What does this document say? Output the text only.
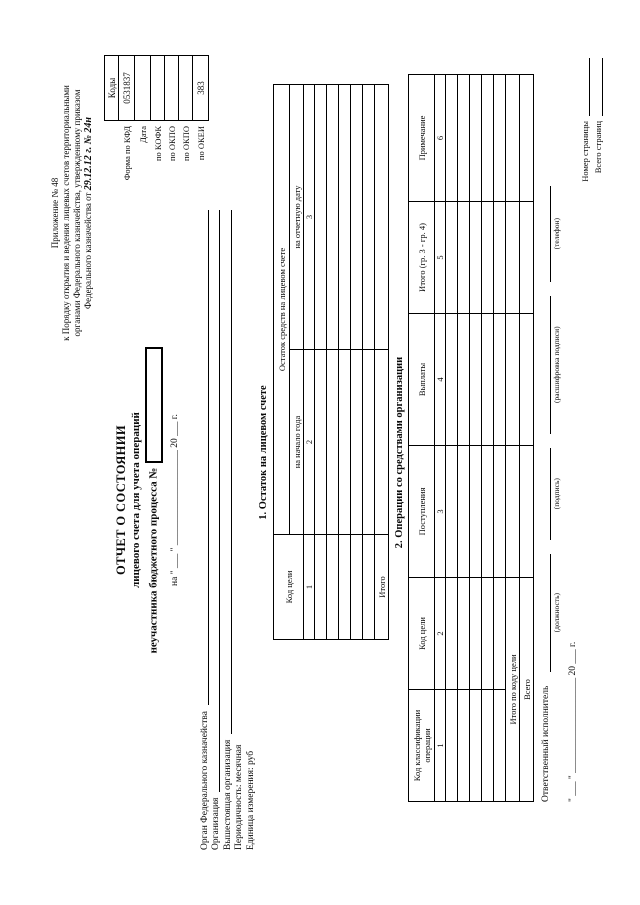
Приложение № 48 к Порядку открытия и ведения лицевых счетов территориальными органами Федерального казначейства, утвержденному приказом Федерального казначейства от 29.12.12 г. № 24н
	Коды
Форма по КФД	0531837
Дата	
по КОФК	
по ОКПО	
по ОКПО	
по ОКЕИ	383
ОТЧЕТ О СОСТОЯНИИ лицевого счета для учета операций неучастника бюджетного процесса №	на " ___ " ____________________ 20 ___ г.
Орган Федерального казначейства Организация Вышестоящая организация Периодичность: месячная Единица измерения: руб
1. Остаток на лицевом счете
Код цели	Остаток средств на лицевом счете	
	на начало года	на отчетную дату
1	2	3

Итого		
2. Операции со средствами организации
Код классификации операции	Код цели	Поступления	Выплаты	Итого (гр. 3 - гр. 4)	Примечание
1	2	3	4	5	6

Итого по коду цели					
Всего					Ответственный исполнитель
(должность)
(подпись)
(расшифровка подписи)
(телефон)
" ___ " ____________________ 20 ___ г.
Номер страницы Всего страниц
